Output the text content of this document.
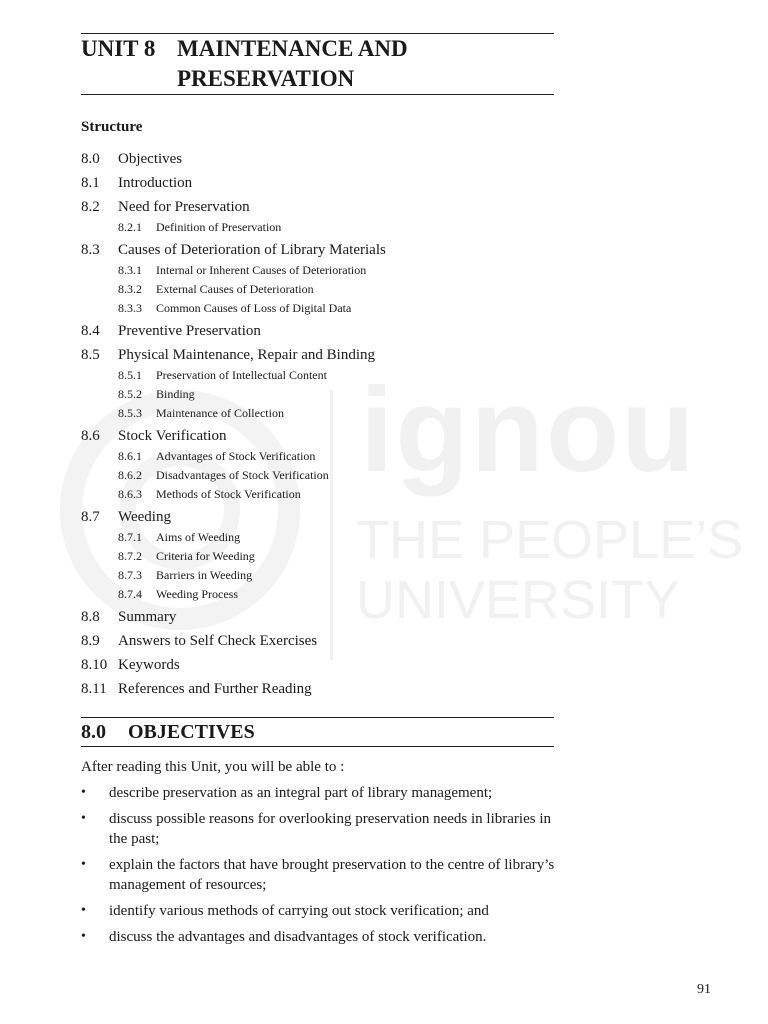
ignou
THE PEOPLE’S
UNIVERSITY
UNIT 8 MAINTENANCE AND
PRESERVATION
Structure
8.0 Objectives
8.1 Introduction
8.2 Need for Preservation
8.2.1 Definition of Preservation
8.3 Causes of Deterioration of Library Materials
8.3.1 Internal or Inherent Causes of Deterioration
8.3.2 External Causes of Deterioration
8.3.3 Common Causes of Loss of Digital Data
8.4 Preventive Preservation
8.5 Physical Maintenance, Repair and Binding
8.5.1 Preservation of Intellectual Content
8.5.2 Binding
8.5.3 Maintenance of Collection
8.6 Stock Verification
8.6.1 Advantages of Stock Verification
8.6.2 Disadvantages of Stock Verification
8.6.3 Methods of Stock Verification
8.7 Weeding
8.7.1 Aims of Weeding
8.7.2 Criteria for Weeding
8.7.3 Barriers in Weeding
8.7.4 Weeding Process
8.8 Summary
8.9 Answers to Self Check Exercises
8.10 Keywords
8.11 References and Further Reading
8.0 OBJECTIVES
After reading this Unit, you will be able to :
• describe preservation as an integral part of library management;
• discuss possible reasons for overlooking preservation needs in libraries in the past;
• explain the factors that have brought preservation to the centre of library’s management of resources;
• identify various methods of carrying out stock verification; and
• discuss the advantages and disadvantages of stock verification.
91
